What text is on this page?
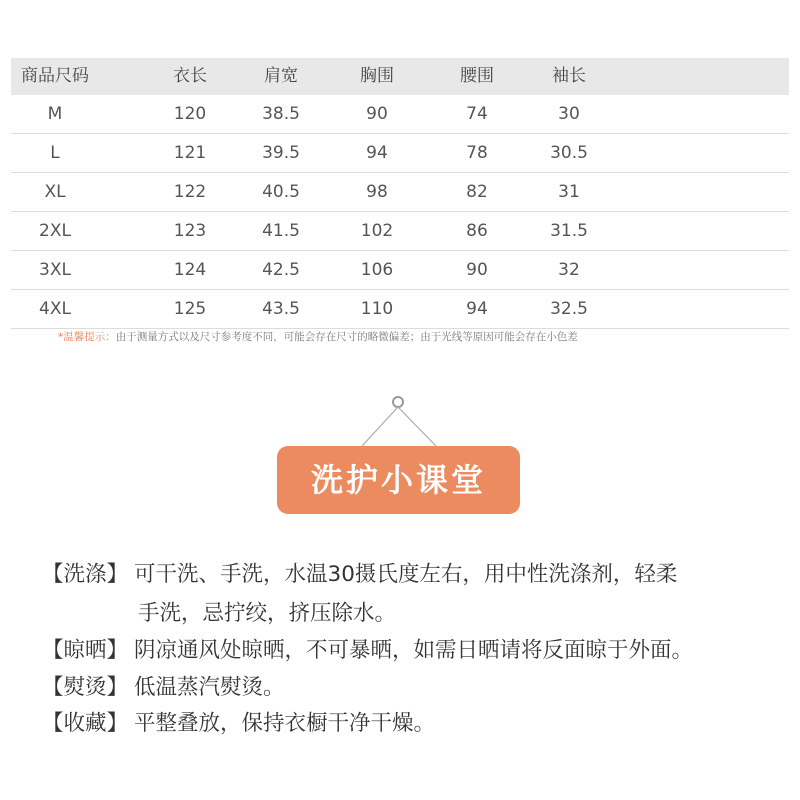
商品尺码	衣长	肩宽	胸围	腰围	袖长
M	120	38.5	90	74	30
L	121	39.5	94	78	30.5
XL	122	40.5	98	82	31
2XL	123	41.5	102	86	31.5
3XL	124	42.5	106	90	32
4XL	125	43.5	110	94	32.5
*温馨提示：由于测量方式以及尺寸参考度不同，可能会存在尺寸的略微偏差；由于光线等原因可能会存在小色差
洗护小课堂
【洗涤】 可干洗、手洗，水温30摄氏度左右，用中性洗涤剂，轻柔
手洗，忌拧绞，挤压除水。
【晾晒】 阴凉通风处晾晒，不可暴晒，如需日晒请将反面晾于外面。
【熨烫】 低温蒸汽熨烫。
【收藏】 平整叠放，保持衣橱干净干燥。
